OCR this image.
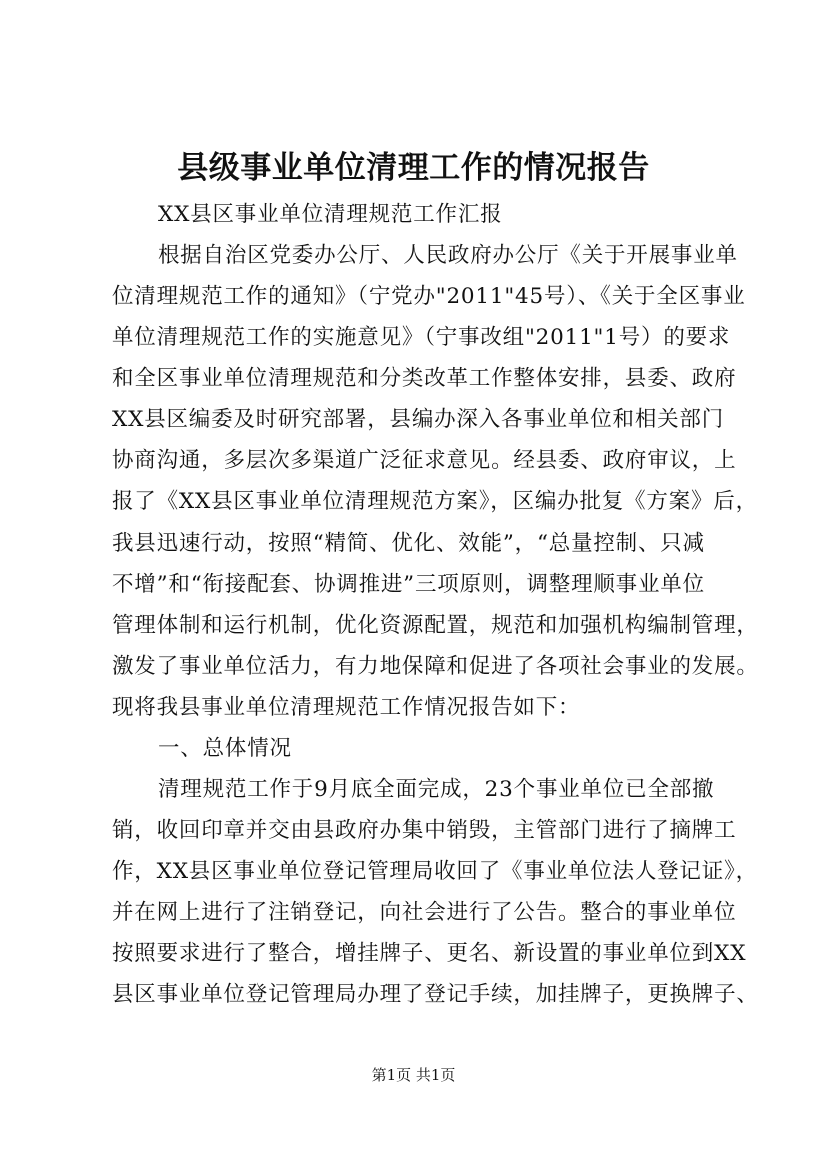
县级事业单位清理工作的情况报告
XX县区事业单位清理规范工作汇报
根据自治区党委办公厅、人民政府办公厅《关于开展事业单
位清理规范工作的通知》（宁党办"2011"45号）、《关于全区事业
单位清理规范工作的实施意见》（宁事改组"2011"1号）的要求
和全区事业单位清理规范和分类改革工作整体安排，县委、政府
XX县区编委及时研究部署，县编办深入各事业单位和相关部门
协商沟通，多层次多渠道广泛征求意见。经县委、政府审议，上
报了《XX县区事业单位清理规范方案》，区编办批复《方案》后，
我县迅速行动，按照“精简、优化、效能”，“总量控制、只减
不增”和“衔接配套、协调推进”三项原则，调整理顺事业单位
管理体制和运行机制，优化资源配置，规范和加强机构编制管理，
激发了事业单位活力，有力地保障和促进了各项社会事业的发展。
现将我县事业单位清理规范工作情况报告如下：
一、总体情况
清理规范工作于9月底全面完成，23个事业单位已全部撤
销，收回印章并交由县政府办集中销毁，主管部门进行了摘牌工
作，XX县区事业单位登记管理局收回了《事业单位法人登记证》，
并在网上进行了注销登记，向社会进行了公告。整合的事业单位
按照要求进行了整合，增挂牌子、更名、新设置的事业单位到XX
县区事业单位登记管理局办理了登记手续，加挂牌子，更换牌子、
第1页 共1页
